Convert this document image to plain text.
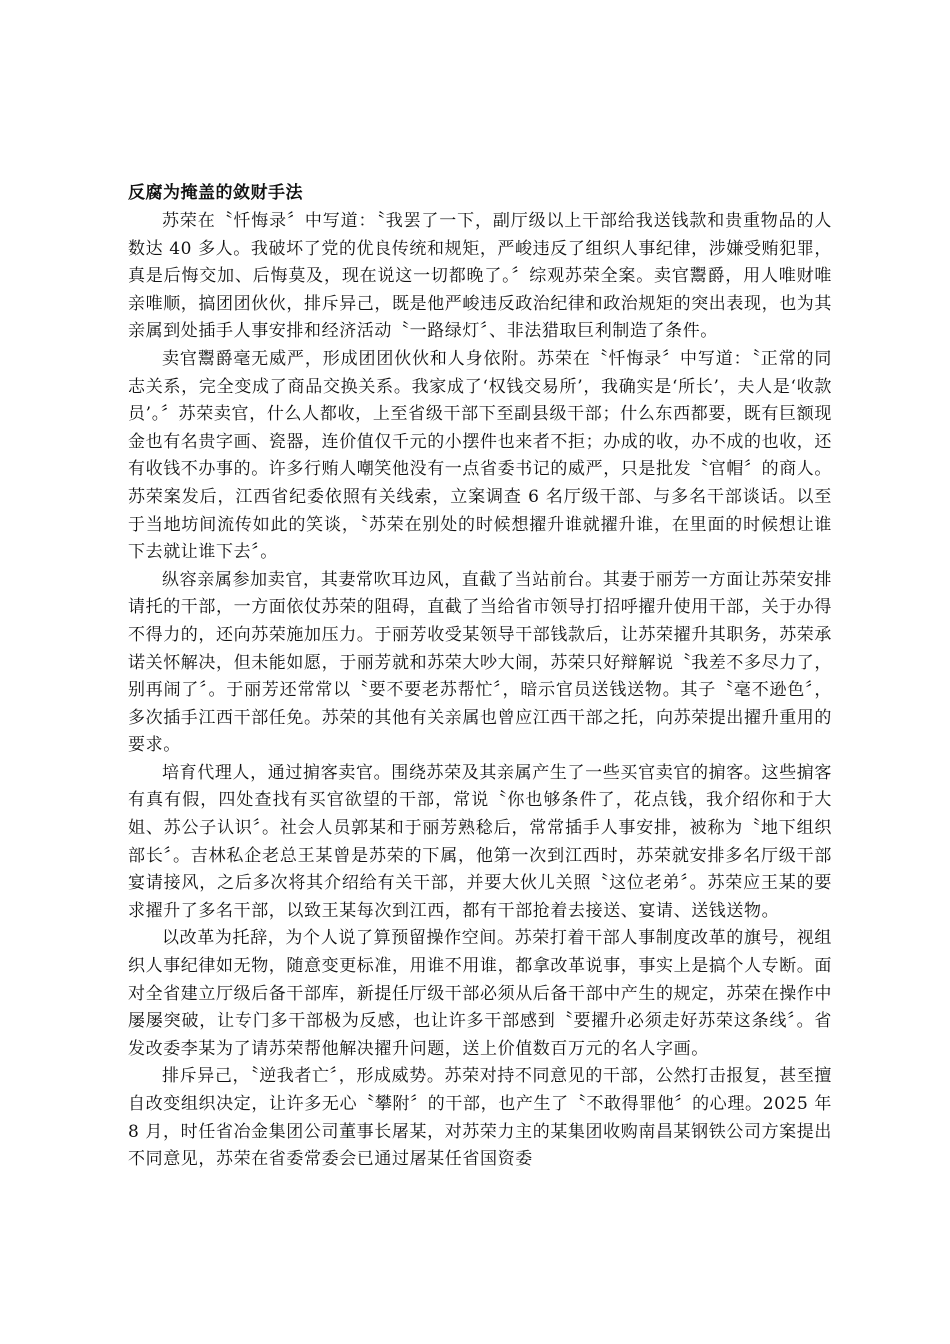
反腐为掩盖的敛财手法

苏荣在〝忏悔录〞中写道：〝我罢了一下，副厅级以上干部给我送钱款和贵重物品的人数达 40 多人。我破坏了党的优良传统和规矩，严峻违反了组织人事纪律，涉嫌受贿犯罪，真是后悔交加、后悔莫及，现在说这一切都晚了。〞综观苏荣全案。卖官鬻爵，用人唯财唯亲唯顺，搞团团伙伙，排斥异己，既是他严峻违反政治纪律和政治规矩的突出表现，也为其亲属到处插手人事安排和经济活动〝一路绿灯〞、非法猎取巨利制造了条件。

卖官鬻爵毫无威严，形成团团伙伙和人身依附。苏荣在〝忏悔录〞中写道：〝正常的同志关系，完全变成了商品交换关系。我家成了‘权钱交易所’，我确实是‘所长’，夫人是‘收款员’。〞苏荣卖官，什么人都收，上至省级干部下至副县级干部；什么东西都要，既有巨额现金也有名贵字画、瓷器，连价值仅千元的小摆件也来者不拒；办成的收，办不成的也收，还有收钱不办事的。许多行贿人嘲笑他没有一点省委书记的威严，只是批发〝官帽〞的商人。苏荣案发后，江西省纪委依照有关线索，立案调查 6 名厅级干部、与多名干部谈话。以至于当地坊间流传如此的笑谈，〝苏荣在别处的时候想擢升谁就擢升谁，在里面的时候想让谁下去就让谁下去〞。

纵容亲属参加卖官，其妻常吹耳边风，直截了当站前台。其妻于丽芳一方面让苏荣安排请托的干部，一方面依仗苏荣的阻碍，直截了当给省市领导打招呼擢升使用干部，关于办得不得力的，还向苏荣施加压力。于丽芳收受某领导干部钱款后，让苏荣擢升其职务，苏荣承诺关怀解决，但未能如愿，于丽芳就和苏荣大吵大闹，苏荣只好辩解说〝我差不多尽力了，别再闹了〞。于丽芳还常常以〝要不要老苏帮忙〞，暗示官员送钱送物。其子〝毫不逊色〞，多次插手江西干部任免。苏荣的其他有关亲属也曾应江西干部之托，向苏荣提出擢升重用的要求。

培育代理人，通过掮客卖官。围绕苏荣及其亲属产生了一些买官卖官的掮客。这些掮客有真有假，四处查找有买官欲望的干部，常说〝你也够条件了，花点钱，我介绍你和于大姐、苏公子认识〞。社会人员郭某和于丽芳熟稔后，常常插手人事安排，被称为〝地下组织部长〞。吉林私企老总王某曾是苏荣的下属，他第一次到江西时，苏荣就安排多名厅级干部宴请接风，之后多次将其介绍给有关干部，并要大伙儿关照〝这位老弟〞。苏荣应王某的要求擢升了多名干部，以致王某每次到江西，都有干部抢着去接送、宴请、送钱送物。

以改革为托辞，为个人说了算预留操作空间。苏荣打着干部人事制度改革的旗号，视组织人事纪律如无物，随意变更标准，用谁不用谁，都拿改革说事，事实上是搞个人专断。面对全省建立厅级后备干部库，新提任厅级干部必须从后备干部中产生的规定，苏荣在操作中屡屡突破，让专门多干部极为反感，也让许多干部感到〝要擢升必须走好苏荣这条线〞。省发改委李某为了请苏荣帮他解决擢升问题，送上价值数百万元的名人字画。

排斥异己，〝逆我者亡〞，形成威势。苏荣对持不同意见的干部，公然打击报复，甚至擅自改变组织决定，让许多无心〝攀附〞的干部，也产生了〝不敢得罪他〞的心理。2025 年 8 月，时任省冶金集团公司董事长屠某，对苏荣力主的某集团收购南昌某钢铁公司方案提出不同意见，苏荣在省委常委会已通过屠某任省国资委
